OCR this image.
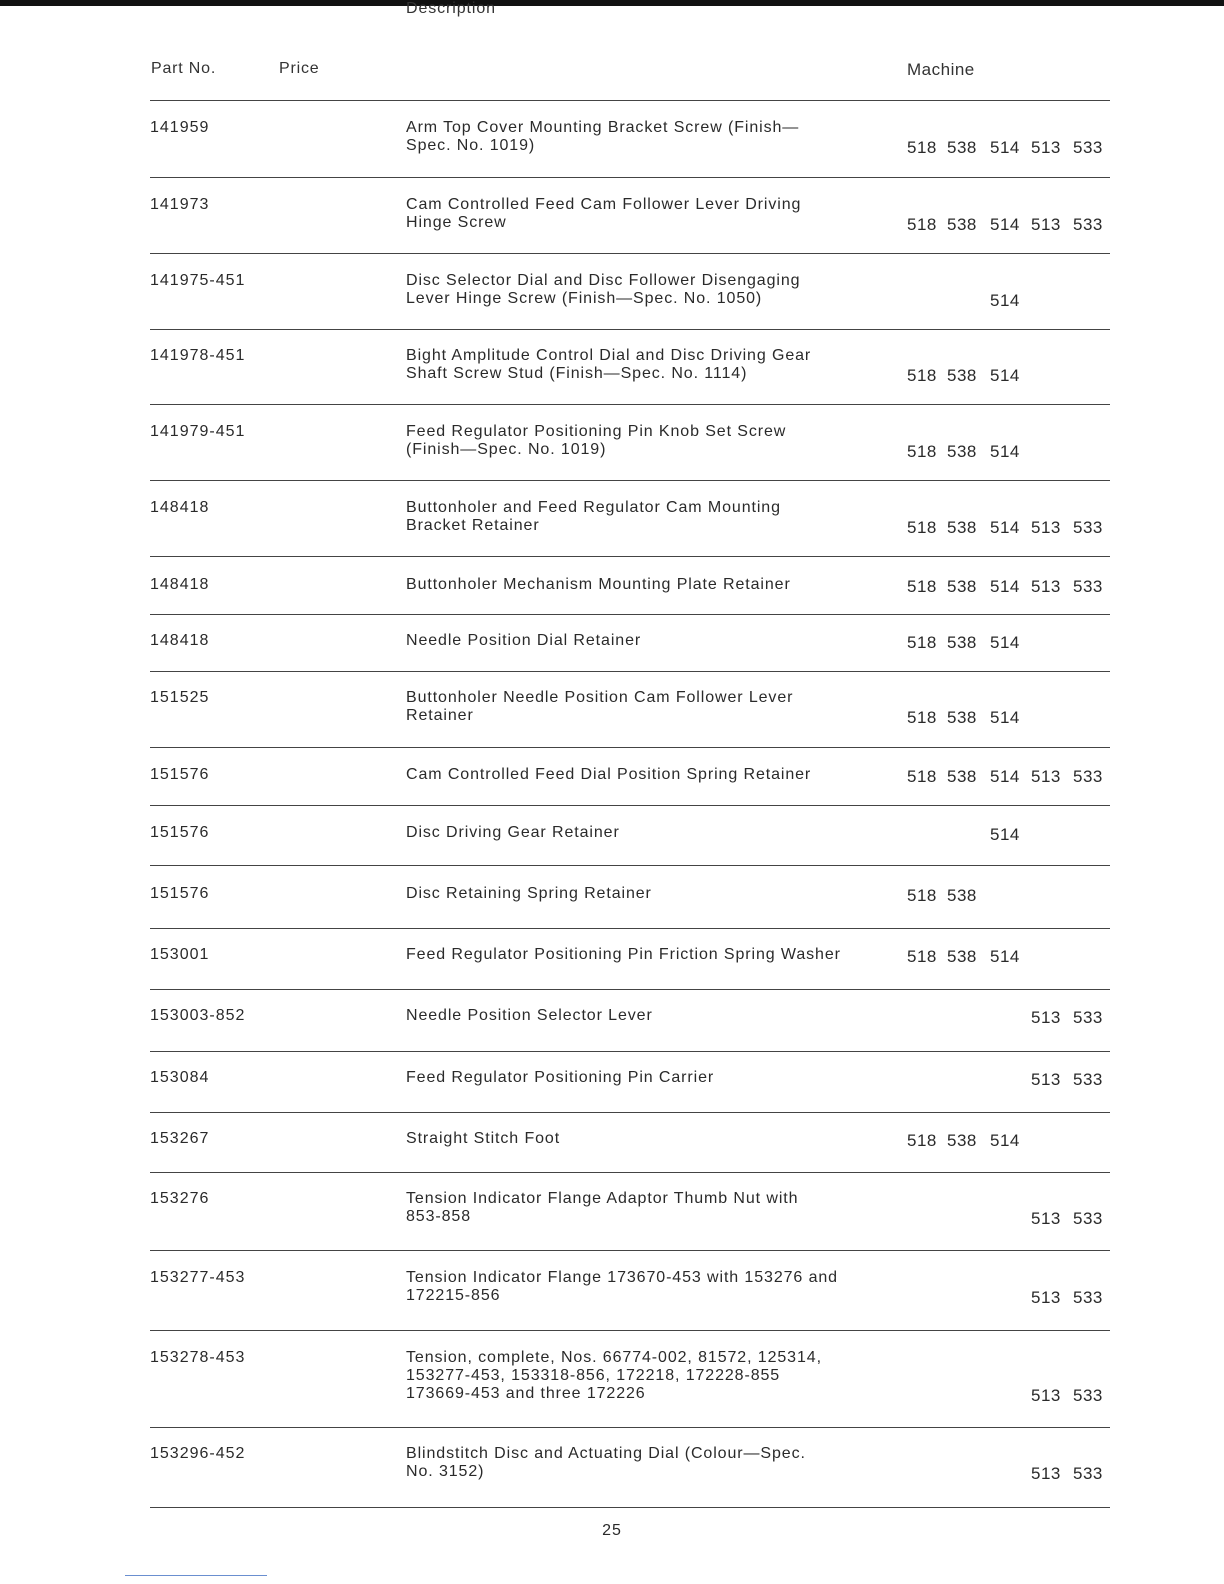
Part No.	Price
Description
Machine
141959	Arm Top Cover Mounting Bracket Screw (Finish—
Spec. No. 1019)	518 538 514 513 533
141973	Cam Controlled Feed Cam Follower Lever Driving
Hinge Screw	518 538 514 513 533
141975-451	Disc Selector Dial and Disc Follower Disengaging
Lever Hinge Screw (Finish—Spec. No. 1050)	514
141978-451	Bight Amplitude Control Dial and Disc Driving Gear
Shaft Screw Stud (Finish—Spec. No. 1114)	518 538 514
141979-451	Feed Regulator Positioning Pin Knob Set Screw
(Finish—Spec. No. 1019)	518 538 514
148418	Buttonholer and Feed Regulator Cam Mounting
Bracket Retainer	518 538 514 513 533
148418	Buttonholer Mechanism Mounting Plate Retainer	518 538 514 513 533
148418	Needle Position Dial Retainer	518 538 514
151525	Buttonholer Needle Position Cam Follower Lever
Retainer	518 538 514
151576	Cam Controlled Feed Dial Position Spring Retainer	518 538 514 513 533
151576	Disc Driving Gear Retainer	514
151576	Disc Retaining Spring Retainer	518 538
153001	Feed Regulator Positioning Pin Friction Spring Washer	518 538 514
153003-852	Needle Position Selector Lever	513 533
153084	Feed Regulator Positioning Pin Carrier	513 533
153267	Straight Stitch Foot	518 538 514
153276	Tension Indicator Flange Adaptor Thumb Nut with
853-858	513 533
153277-453	Tension Indicator Flange 173670-453 with 153276 and
172215-856	513 533
153278-453	Tension, complete, Nos. 66774-002, 81572, 125314,
153277-453, 153318-856, 172218, 172228-855
173669-453 and three 172226	513 533
153296-452	Blindstitch Disc and Actuating Dial (Colour—Spec.
No. 3152)	513 533
25
